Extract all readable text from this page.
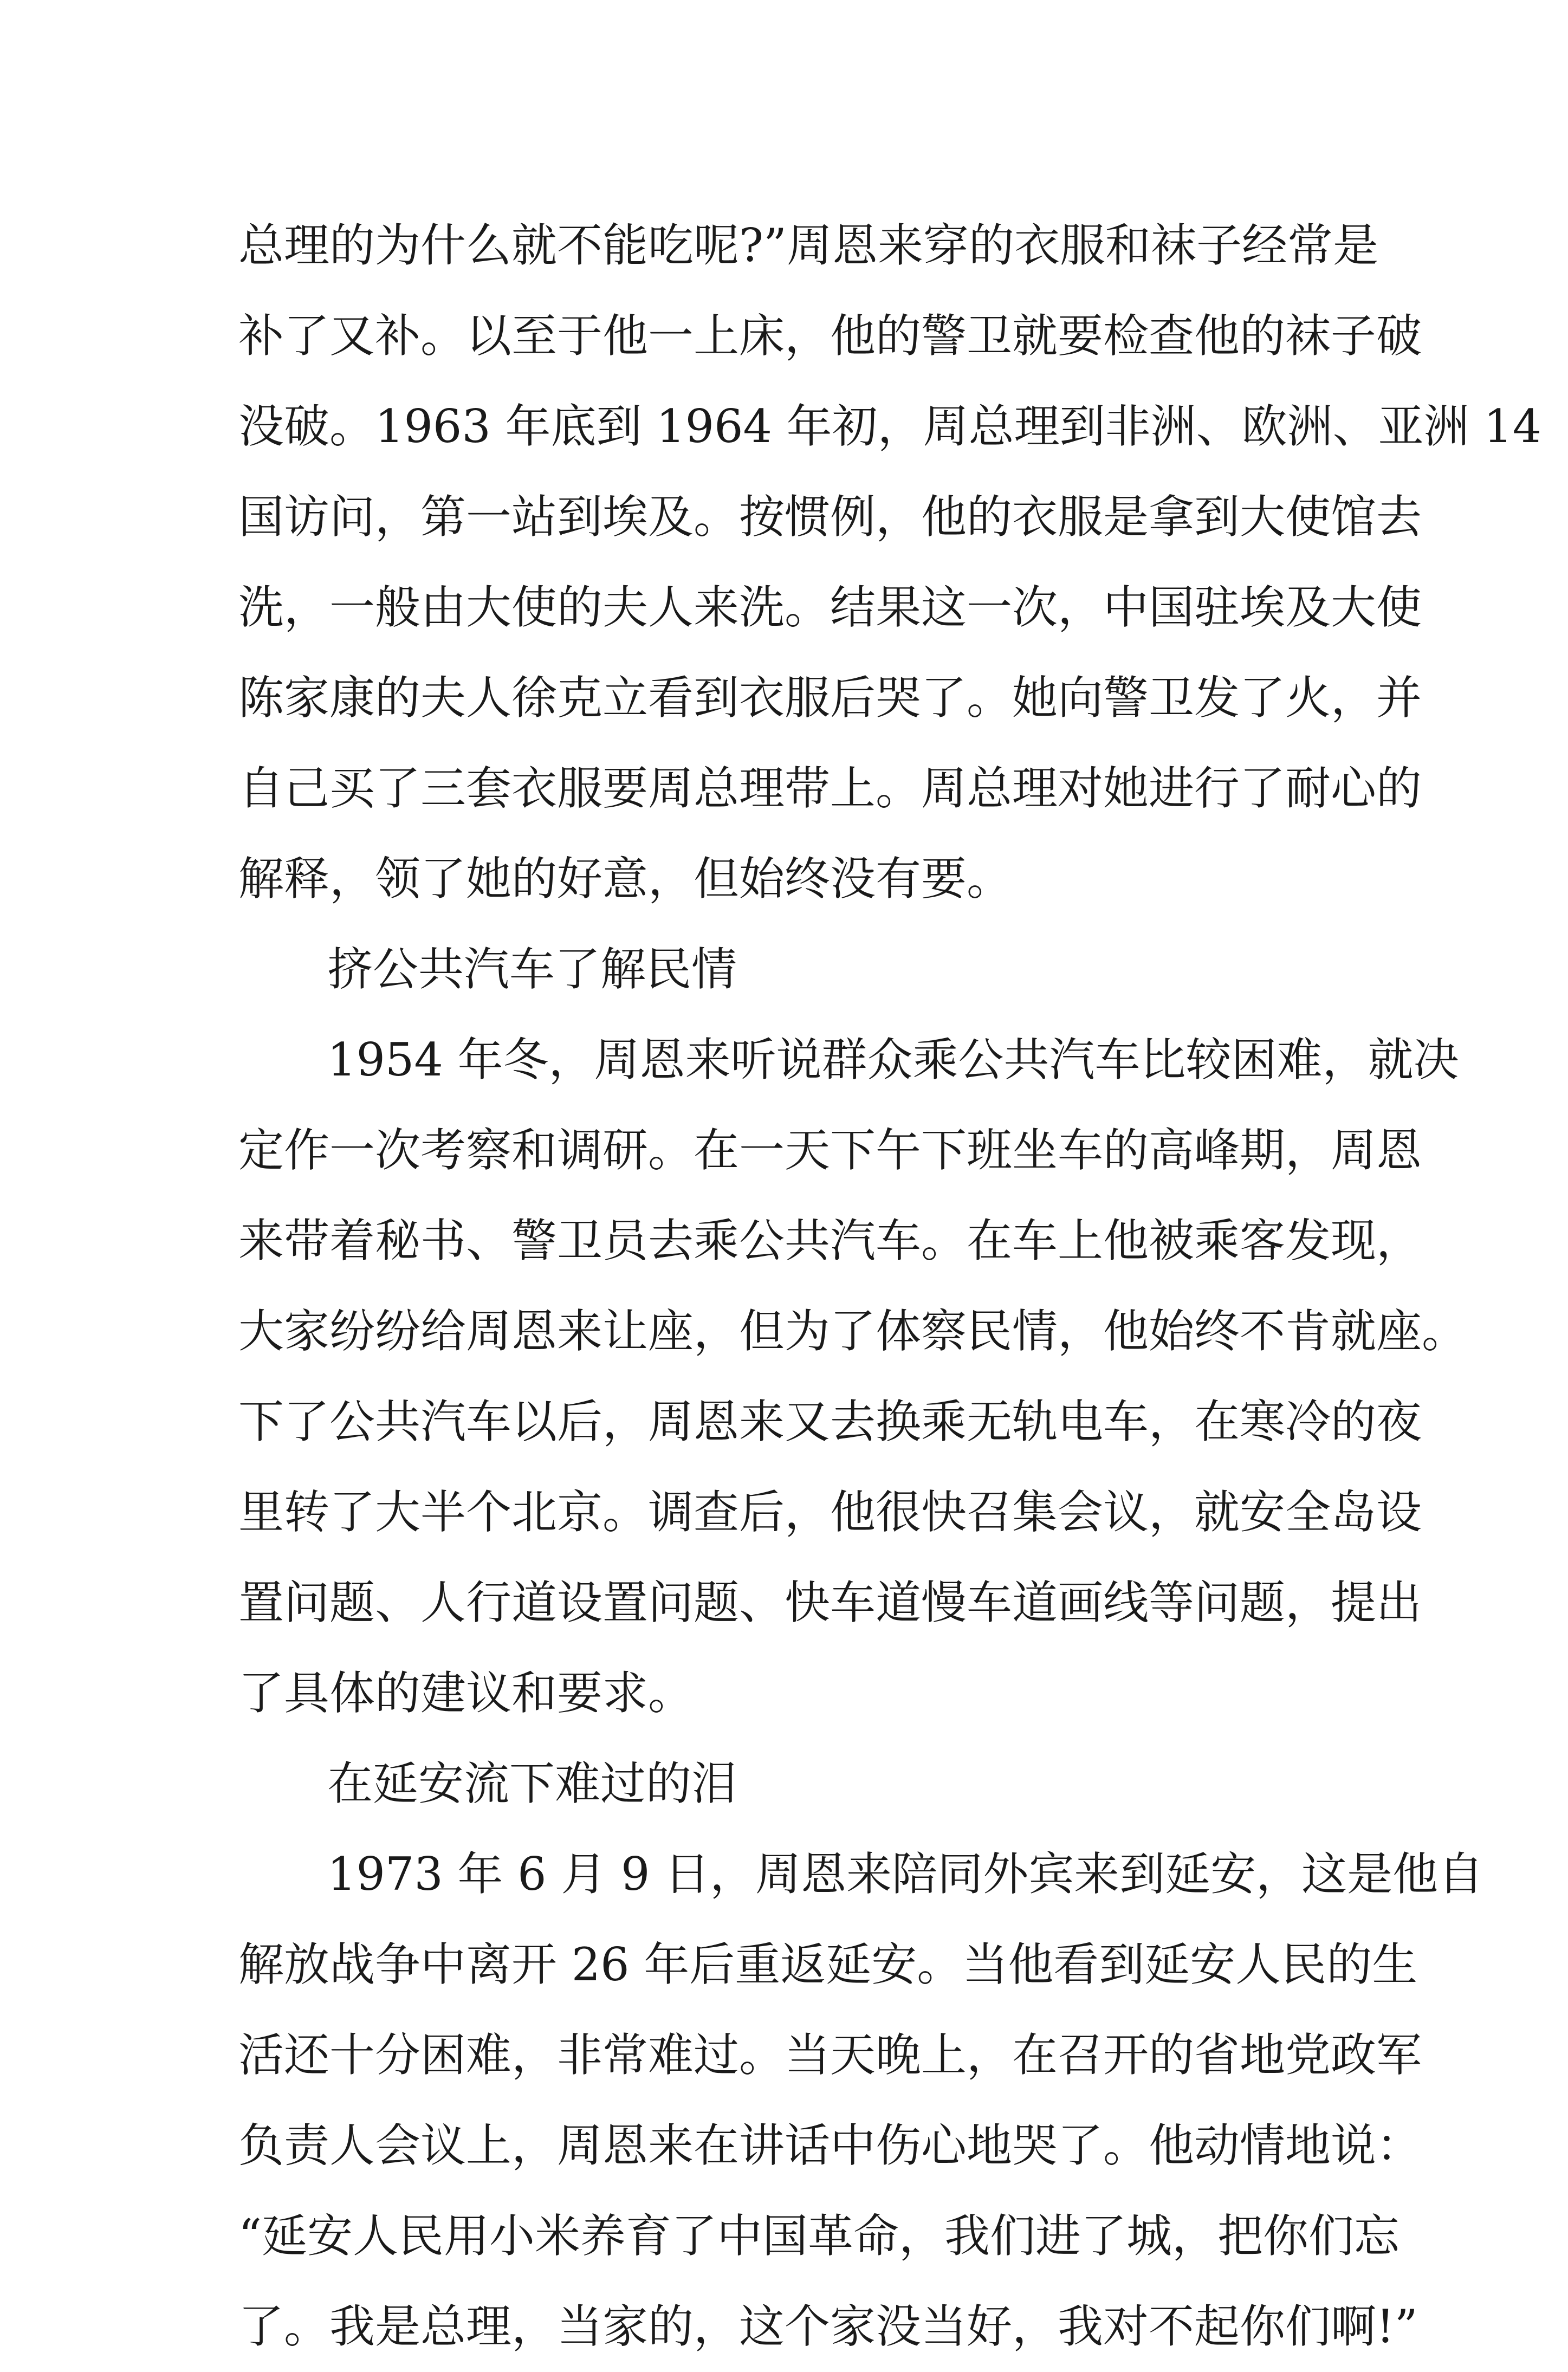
总理的为什么就不能吃呢?”周恩来穿的衣服和袜子经常是
补了又补。以至于他一上床，他的警卫就要检查他的袜子破
没破。1963 年底到 1964 年初，周总理到非洲、欧洲、亚洲 14
国访问，第一站到埃及。按惯例，他的衣服是拿到大使馆去
洗，一般由大使的夫人来洗。结果这一次，中国驻埃及大使
陈家康的夫人徐克立看到衣服后哭了。她向警卫发了火，并
自己买了三套衣服要周总理带上。周总理对她进行了耐心的
解释，领了她的好意，但始终没有要。
挤公共汽车了解民情
1954 年冬，周恩来听说群众乘公共汽车比较困难，就决
定作一次考察和调研。在一天下午下班坐车的高峰期，周恩
来带着秘书、警卫员去乘公共汽车。在车上他被乘客发现，
大家纷纷给周恩来让座，但为了体察民情，他始终不肯就座。
下了公共汽车以后，周恩来又去换乘无轨电车，在寒冷的夜
里转了大半个北京。调查后，他很快召集会议，就安全岛设
置问题、人行道设置问题、快车道慢车道画线等问题，提出
了具体的建议和要求。
在延安流下难过的泪
1973 年 6 月 9 日，周恩来陪同外宾来到延安，这是他自
解放战争中离开 26 年后重返延安。当他看到延安人民的生
活还十分困难，非常难过。当天晚上，在召开的省地党政军
负责人会议上，周恩来在讲话中伤心地哭了。他动情地说：
“延安人民用小米养育了中国革命，我们进了城，把你们忘
了。我是总理，当家的，这个家没当好，我对不起你们啊!”
